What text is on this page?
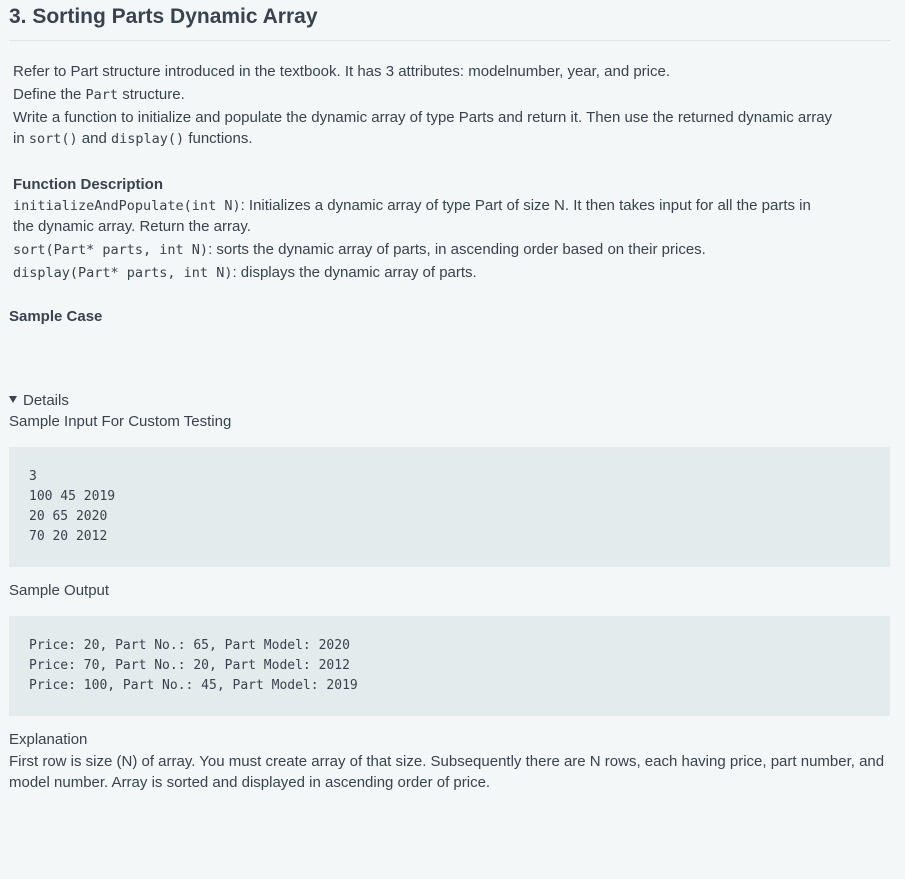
3. Sorting Parts Dynamic Array
Refer to Part structure introduced in the textbook. It has 3 attributes: modelnumber, year, and price.
Define the Part structure.
Write a function to initialize and populate the dynamic array of type Parts and return it. Then use the returned dynamic array
in sort() and display() functions.
Function Description
initializeAndPopulate(int N): Initializes a dynamic array of type Part of size N. It then takes input for all the parts in
the dynamic array. Return the array.
sort(Part* parts, int N): sorts the dynamic array of parts, in ascending order based on their prices.
display(Part* parts, int N): displays the dynamic array of parts.
Sample Case
Details
Sample Input For Custom Testing
3
100 45 2019
20 65 2020
70 20 2012
Sample Output
Price: 20, Part No.: 65, Part Model: 2020
Price: 70, Part No.: 20, Part Model: 2012
Price: 100, Part No.: 45, Part Model: 2019
Explanation
First row is size (N) of array. You must create array of that size. Subsequently there are N rows, each having price, part number, and model number. Array is sorted and displayed in ascending order of price.
